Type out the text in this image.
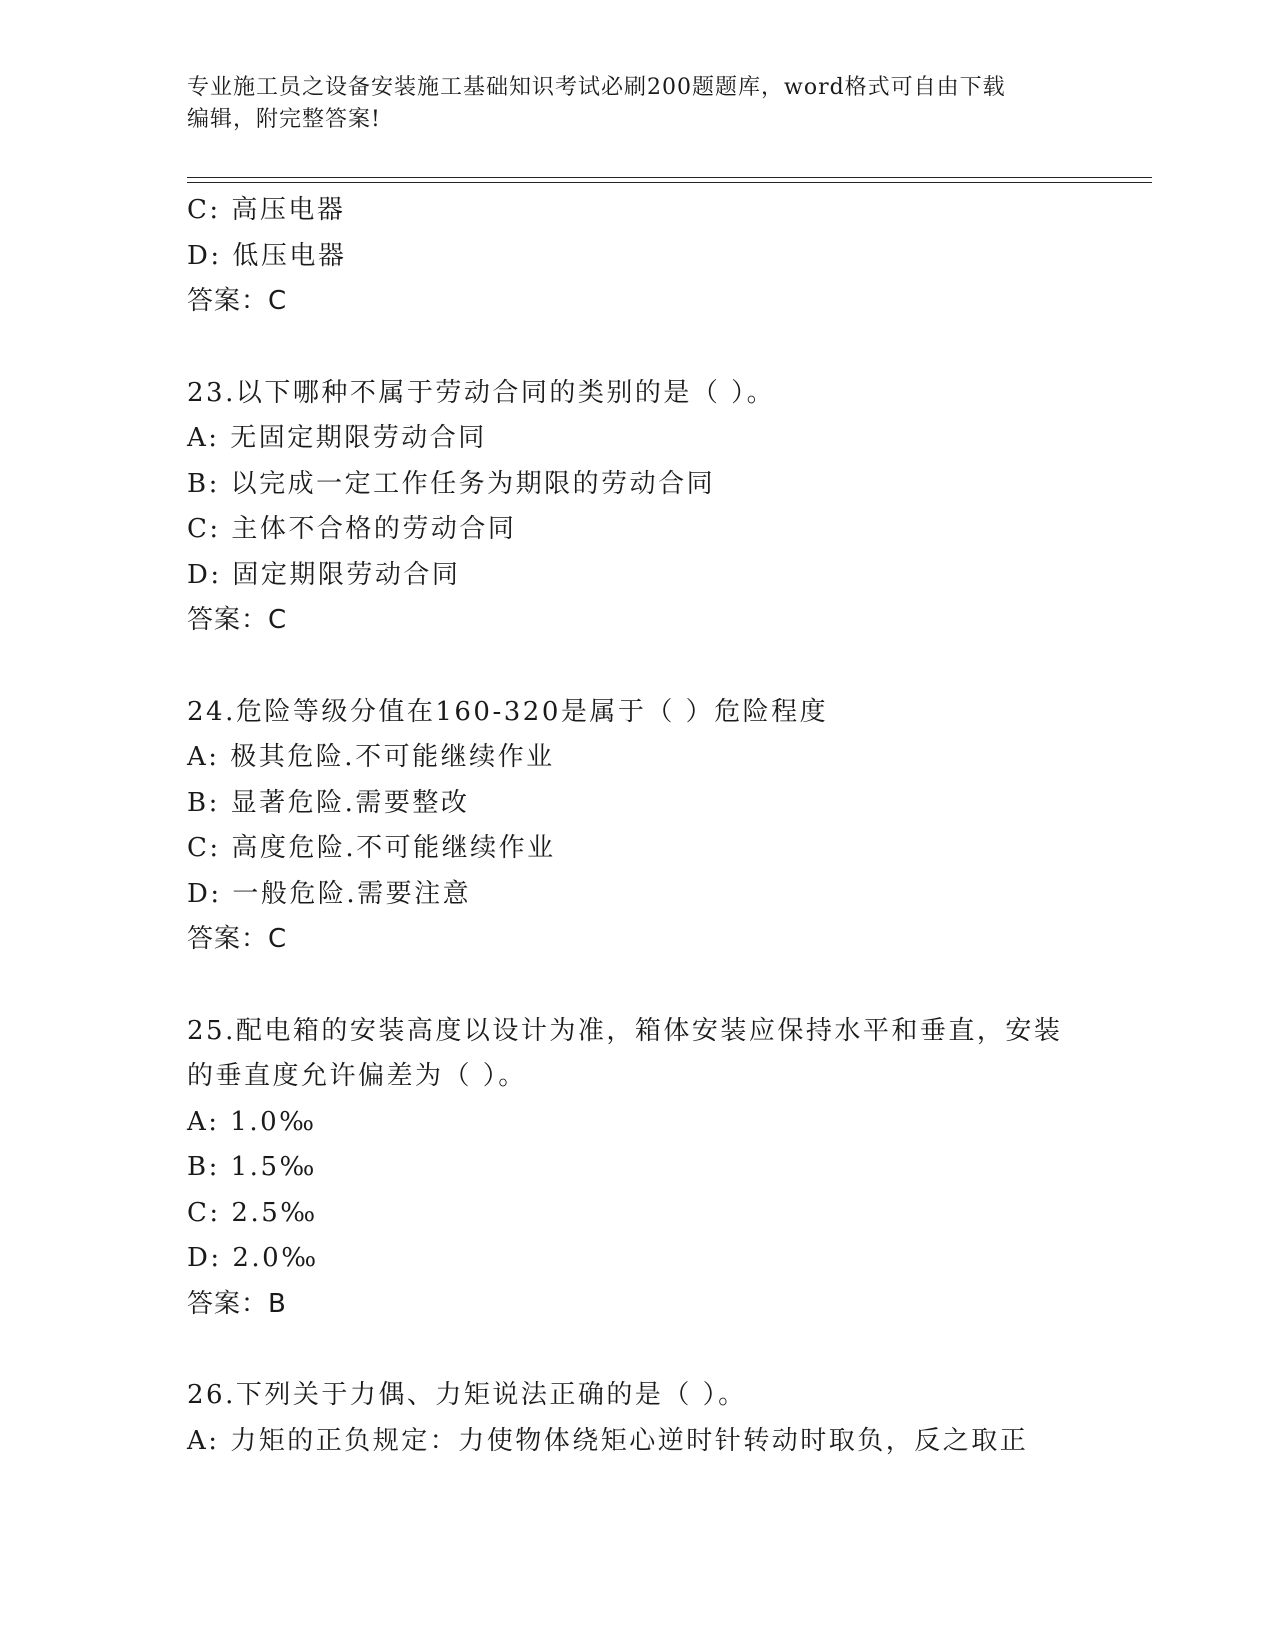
专业施工员之设备安装施工基础知识考试必刷200题题库，word格式可自由下载
编辑，附完整答案!
C: 高压电器
D: 低压电器
答案：C
23.以下哪种不属于劳动合同的类别的是（ ）。
A: 无固定期限劳动合同
B: 以完成一定工作任务为期限的劳动合同
C: 主体不合格的劳动合同
D: 固定期限劳动合同
答案：C
24.危险等级分值在160-320是属于（ ）危险程度
A: 极其危险.不可能继续作业
B: 显著危险.需要整改
C: 高度危险.不可能继续作业
D: 一般危险.需要注意
答案：C
25.配电箱的安装高度以设计为准，箱体安装应保持水平和垂直，安装
的垂直度允许偏差为（ ）。
A: 1.0‰
B: 1.5‰
C: 2.5‰
D: 2.0‰
答案：B
26.下列关于力偶、力矩说法正确的是（ ）。
A: 力矩的正负规定：力使物体绕矩心逆时针转动时取负，反之取正
